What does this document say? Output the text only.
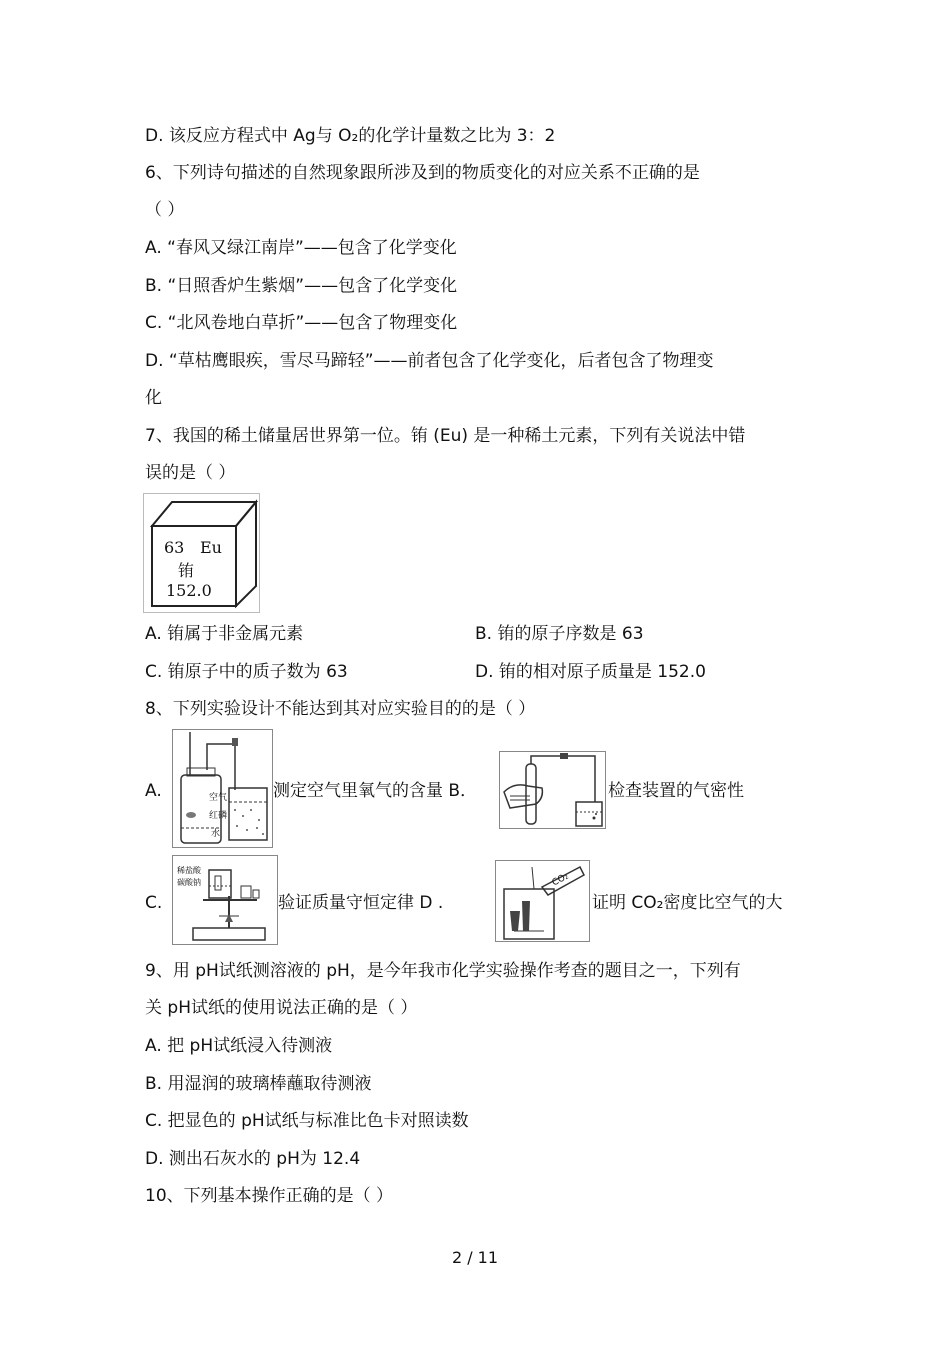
D. 该反应方程式中 Ag与 O₂的化学计量数之比为 3：2
6、下列诗句描述的自然现象跟所涉及到的物质变化的对应关系不正确的是
（ ）
A. “春风又绿江南岸”——包含了化学变化
B. “日照香炉生紫烟”——包含了化学变化
C. “北风卷地白草折”——包含了物理变化
D. “草枯鹰眼疾，雪尽马蹄轻”——前者包含了化学变化，后者包含了物理变
化
7、我国的稀土储量居世界第一位。铕 (Eu) 是一种稀土元素，下列有关说法中错
误的是（ ）
63 Eu
铕
152.0
A. 铕属于非金属元素	B. 铕的原子序数是 63
C. 铕原子中的质子数为 63	D. 铕的相对原子质量是 152.0
8、下列实验设计不能达到其对应实验目的的是（ ）
A.	空气
红磷
水
测定空气里氧气的含量 B．	检查装置的气密性
C.
稀盐酸
碳酸钠
验证质量守恒定律 D .
CO₂
证明 CO₂密度比空气的大
9、用 pH试纸测溶液的 pH，是今年我市化学实验操作考查的题目之一，下列有
关 pH试纸的使用说法正确的是（ ）
A. 把 pH试纸浸入待测液
B. 用湿润的玻璃棒蘸取待测液
C. 把显色的 pH试纸与标准比色卡对照读数
D. 测出石灰水的 pH为 12.4
10、下列基本操作正确的是（ ）
2 / 11
